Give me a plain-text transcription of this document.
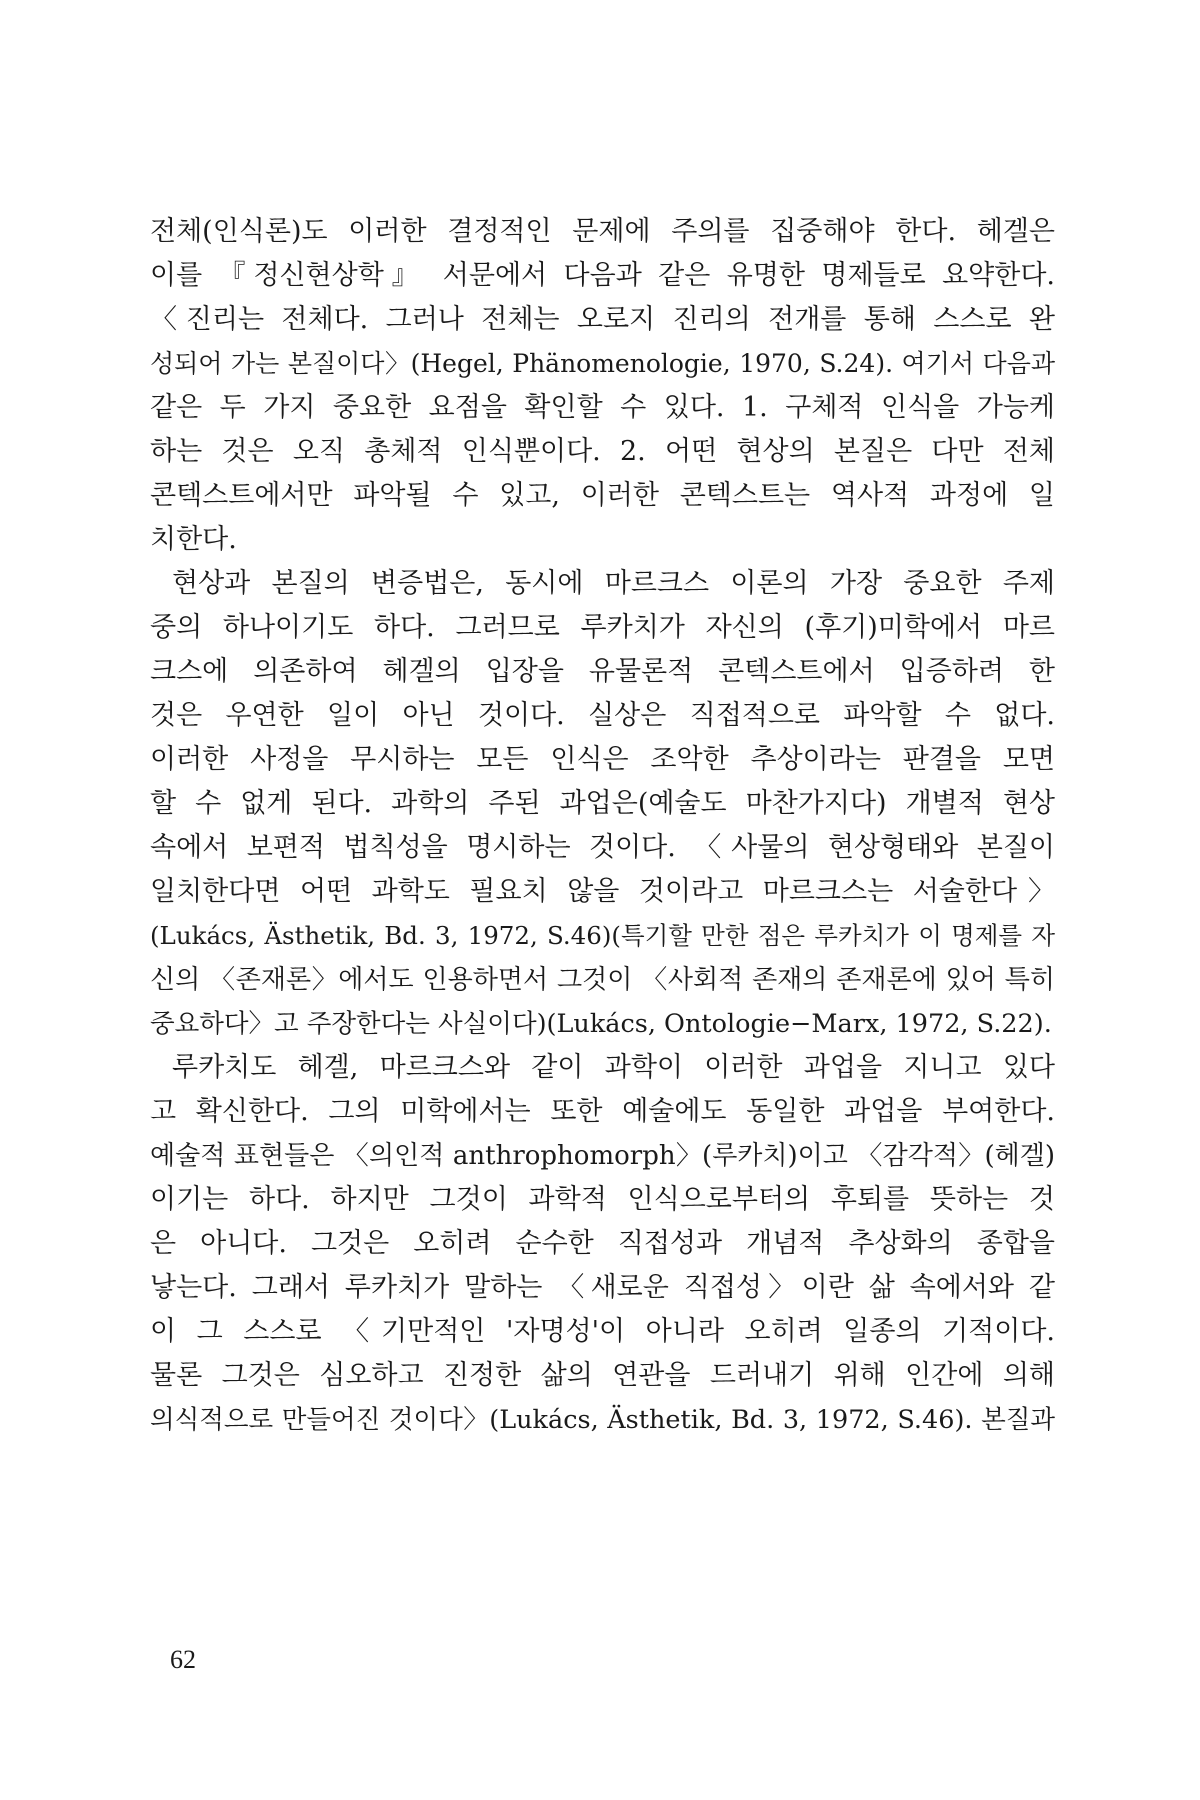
전체(인식론)도 이러한 결정적인 문제에 주의를 집중해야 한다. 헤겔은
이를 『정신현상학』 서문에서 다음과 같은 유명한 명제들로 요약한다.
〈진리는 전체다. 그러나 전체는 오로지 진리의 전개를 통해 스스로 완
성되어 가는 본질이다〉(Hegel, Phänomenologie, 1970, S.24). 여기서 다음과
같은 두 가지 중요한 요점을 확인할 수 있다. 1. 구체적 인식을 가능케
하는 것은 오직 총체적 인식뿐이다. 2. 어떤 현상의 본질은 다만 전체
콘텍스트에서만 파악될 수 있고, 이러한 콘텍스트는 역사적 과정에 일
치한다.
현상과 본질의 변증법은, 동시에 마르크스 이론의 가장 중요한 주제
중의 하나이기도 하다. 그러므로 루카치가 자신의 (후기)미학에서 마르
크스에 의존하여 헤겔의 입장을 유물론적 콘텍스트에서 입증하려 한
것은 우연한 일이 아닌 것이다. 실상은 직접적으로 파악할 수 없다.
이러한 사정을 무시하는 모든 인식은 조악한 추상이라는 판결을 모면
할 수 없게 된다. 과학의 주된 과업은(예술도 마찬가지다) 개별적 현상
속에서 보편적 법칙성을 명시하는 것이다. 〈사물의 현상형태와 본질이
일치한다면 어떤 과학도 필요치 않을 것이라고 마르크스는 서술한다〉
(Lukács, Ästhetik, Bd. 3, 1972, S.46)(특기할 만한 점은 루카치가 이 명제를 자
신의 〈존재론〉에서도 인용하면서 그것이 〈사회적 존재의 존재론에 있어 특히
중요하다〉고 주장한다는 사실이다)(Lukács, Ontologie−Marx, 1972, S.22).
루카치도 헤겔, 마르크스와 같이 과학이 이러한 과업을 지니고 있다
고 확신한다. 그의 미학에서는 또한 예술에도 동일한 과업을 부여한다.
예술적 표현들은 〈의인적 anthrophomorph〉(루카치)이고 〈감각적〉(헤겔)
이기는 하다. 하지만 그것이 과학적 인식으로부터의 후퇴를 뜻하는 것
은 아니다. 그것은 오히려 순수한 직접성과 개념적 추상화의 종합을
낳는다. 그래서 루카치가 말하는 〈새로운 직접성〉이란 삶 속에서와 같
이 그 스스로 〈기만적인 '자명성'이 아니라 오히려 일종의 기적이다.
물론 그것은 심오하고 진정한 삶의 연관을 드러내기 위해 인간에 의해
의식적으로 만들어진 것이다〉(Lukács, Ästhetik, Bd. 3, 1972, S.46). 본질과
62
